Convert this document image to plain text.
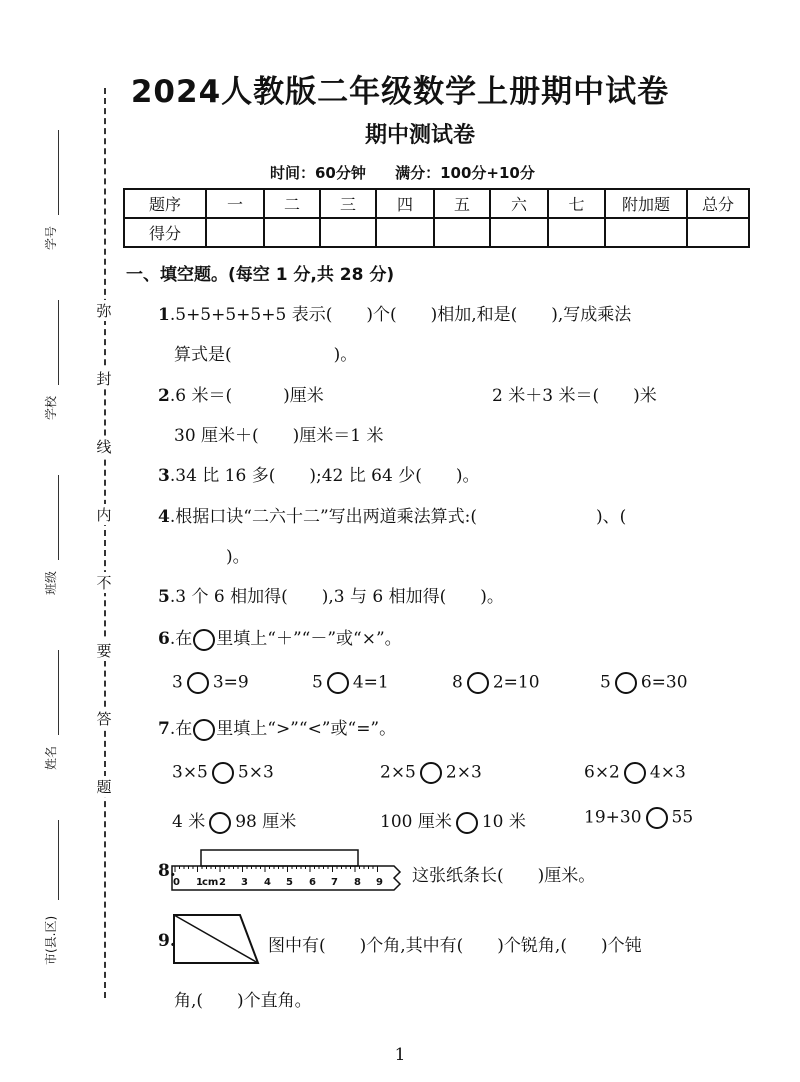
弥
封
线
内
不
要
答
题
学号
学校
班级
姓名
市(县.区)
2024人教版二年级数学上册期中试卷
期中测试卷
时间：60分钟 满分：100分+10分
题序	一	二	三	四	五	六	七	附加题	总分
得分									
一、填空题。(每空 1 分,共 28 分)
1.5+5+5+5+5 表示(　　)个(　　)相加,和是(　　),写成乘法
算式是(　　　　　　)。
2.6 米＝(　　　)厘米	2 米＋3 米＝(　　)米
30 厘米＋(　　)厘米＝1 米
3.34 比 16 多(　　);42 比 64 少(　　)。
4.根据口诀“二六十二”写出两道乘法算式:(　　　　　　　)、(
)。
5.3 个 6 相加得(　　),3 与 6 相加得(　　)。
6.在 里填上“＋”“－”或“×”。
3 3=9	5 4=1	8 2=10	5 6=30
7.在 里填上“>”“<”或“=”。
3×5 5×3	2×5 2×3	6×2 4×3
4 米 98 厘米	100 厘米 10 米	19+30 55
8.
0 1 cm 2 3 4 5 6 7 8 9 这张纸条长(　　)厘米。
9.	图中有(　　)个角,其中有(　　)个锐角,(　　)个钝
角,(　　)个直角。
1
